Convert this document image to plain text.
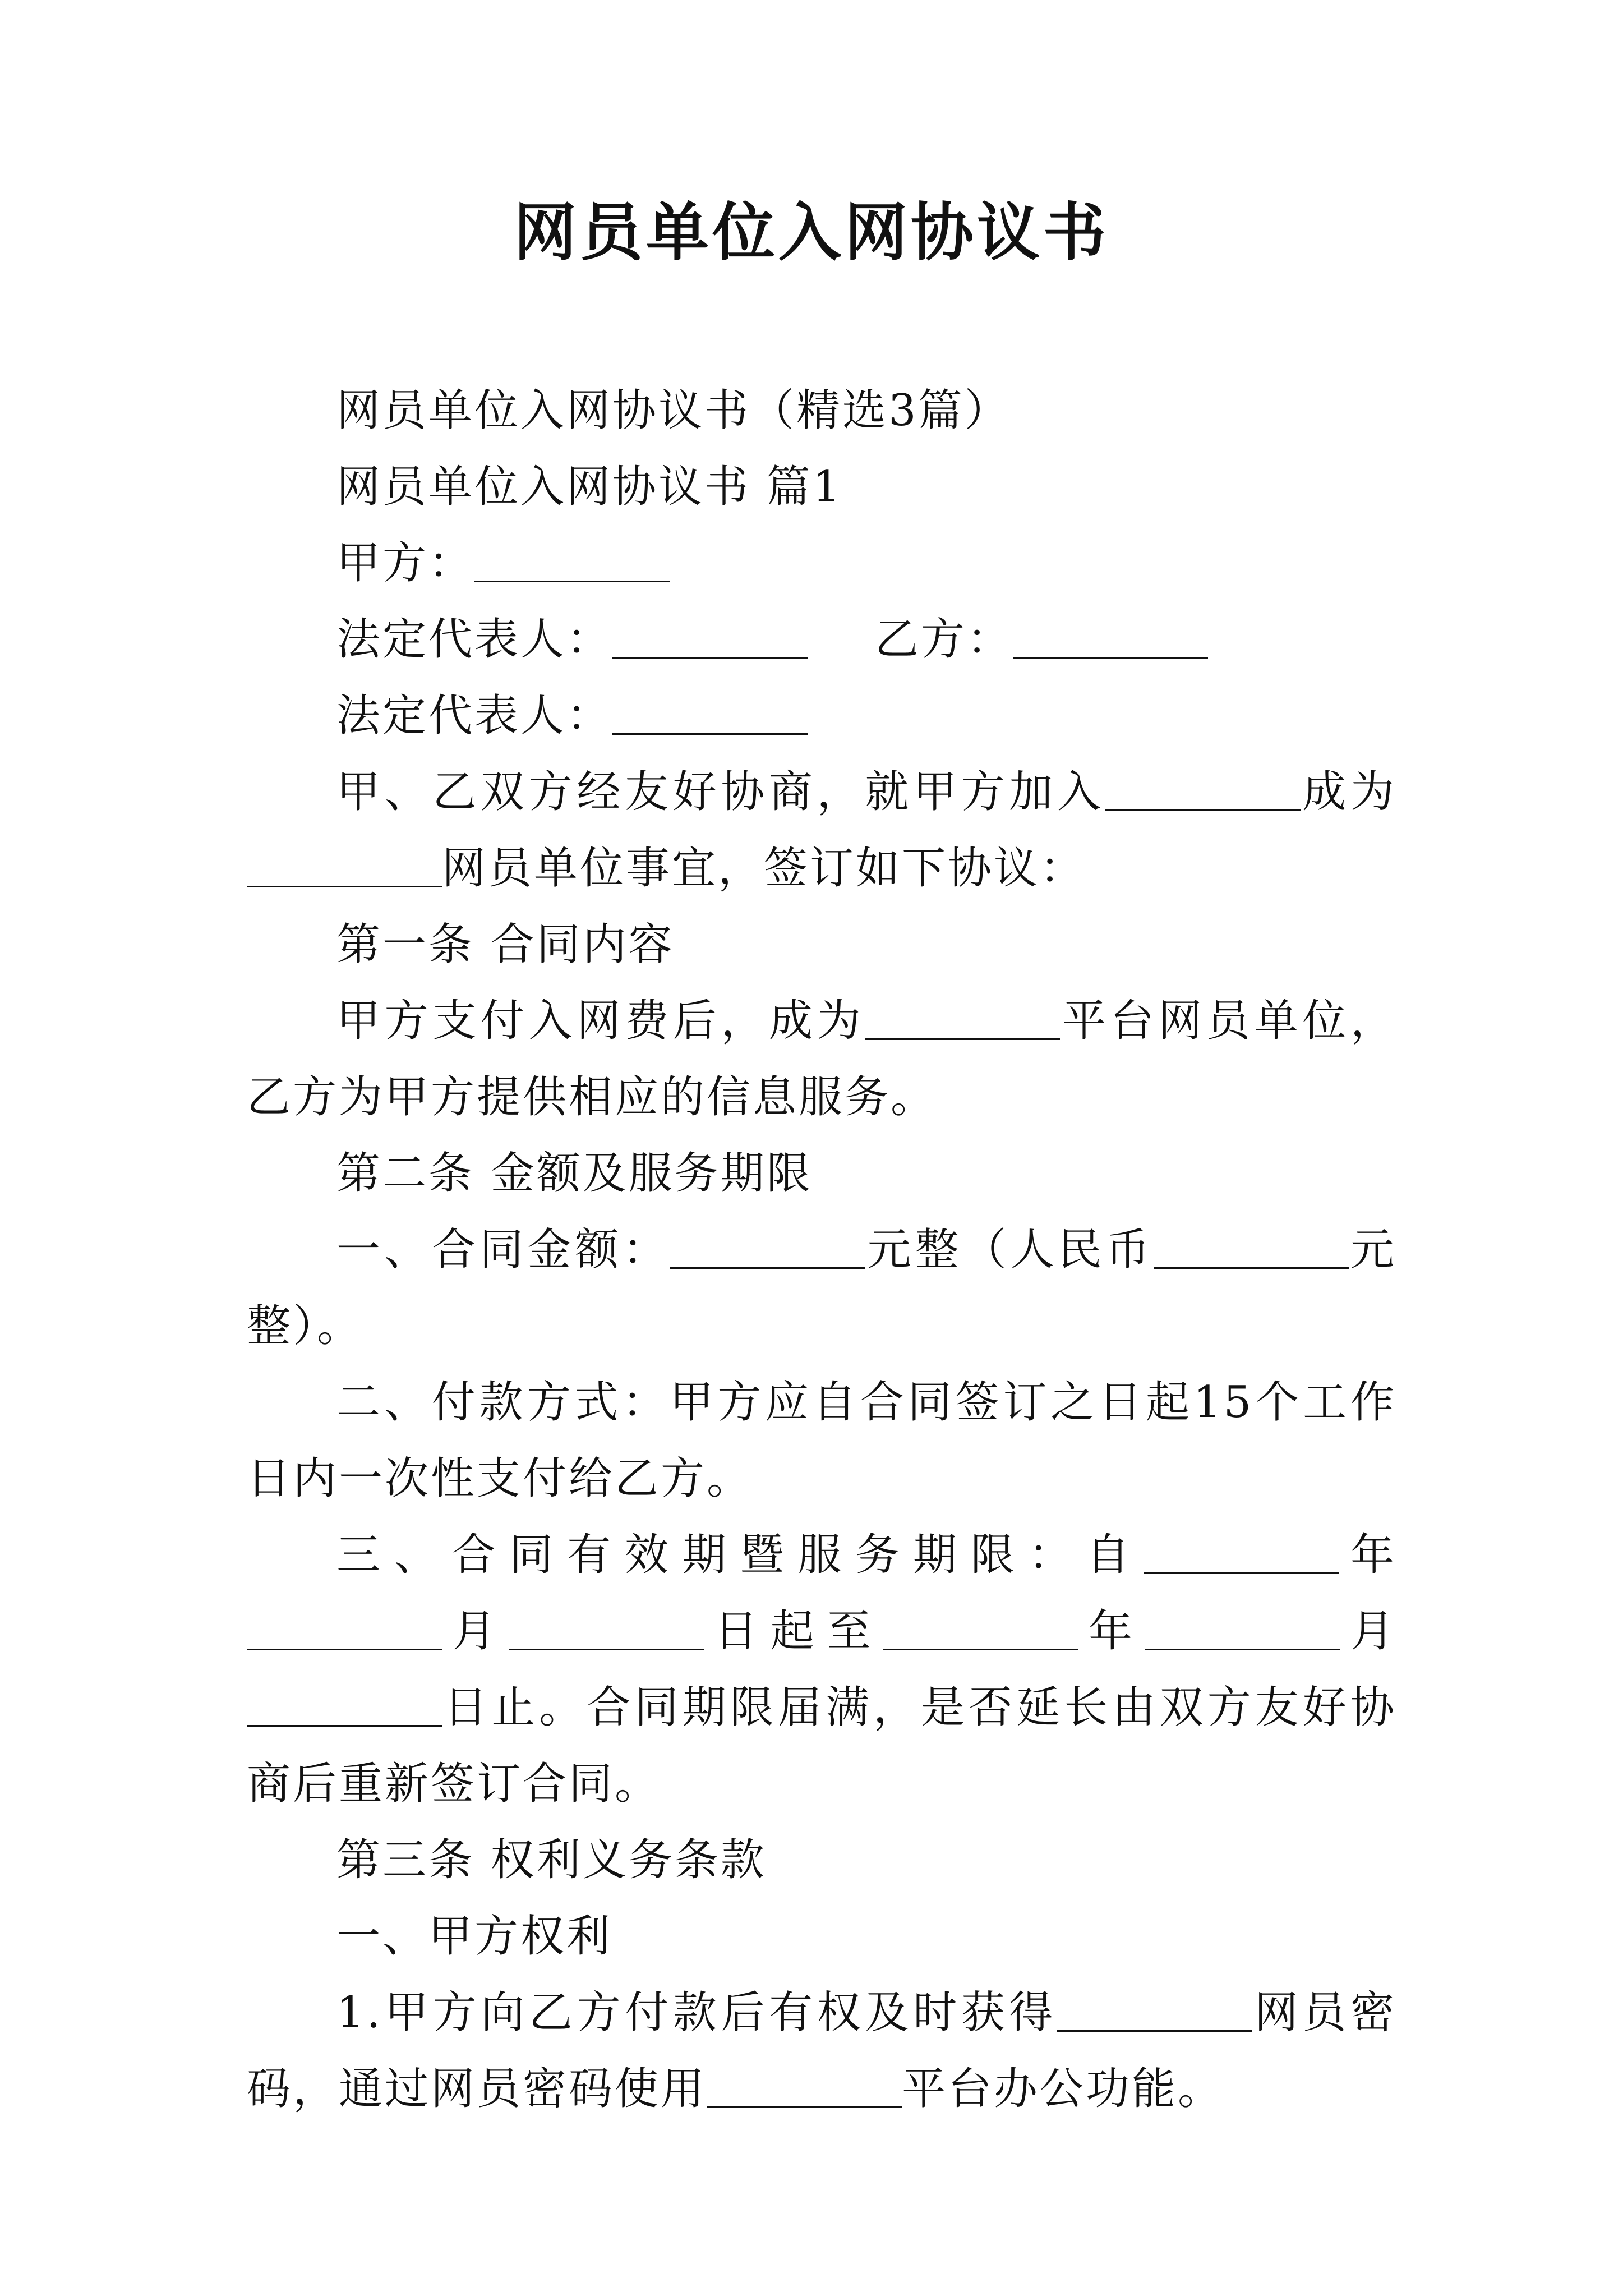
网员单位入网协议书

网员单位入网协议书（精选3篇）

网员单位入网协议书 篇1

甲方：

法定代表人：	乙方：

法定代表人：

甲、乙双方经友好协商，就甲方加入	成为网员单位事宜，签订如下协议：

第一条 合同内容

甲方支付入网费后，成为	平台网员单位，乙方为甲方提供相应的信息服务。

第二条 金额及服务期限

一、合同金额：	元整（人民币	元整）。

二、付款方式：甲方应自合同签订之日起15个工作日内一次性支付给乙方。

三、合同有效期暨服务期限：自	年月	日起至	年	月日止。合同期限届满，是否延长由双方友好协商后重新签订合同。

第三条 权利义务条款

一、甲方权利

1.甲方向乙方付款后有权及时获得	网员密码，通过网员密码使用	平台办公功能。
